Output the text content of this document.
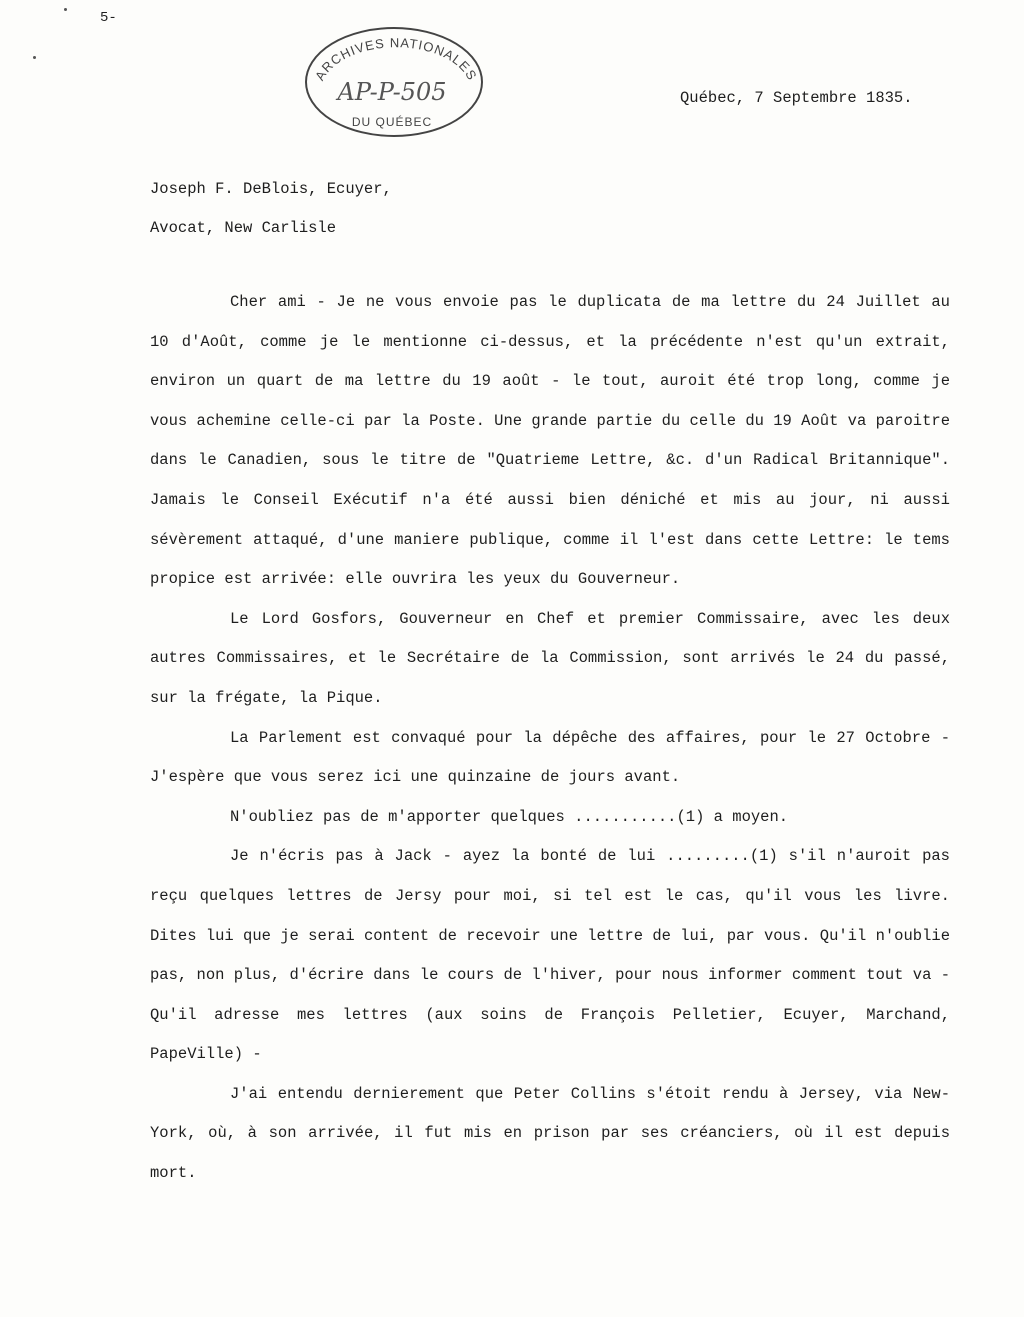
5-
ARCHIVES NATIONALES
AP-P-505
DU QUÉBEC
Québec, 7 Septembre 1835.
Joseph F. DeBlois, Ecuyer,
Avocat, New Carlisle

Cher ami - Je ne vous envoie pas le duplicata de ma lettre du 24 Juillet au 10 d'Août, comme je le mentionne ci-dessus, et la précédente n'est qu'un extrait, environ un quart de ma lettre du 19 août - le tout, auroit été trop long, comme je vous achemine celle-ci par la Poste. Une grande partie du celle du 19 Août va paroitre dans le Canadien, sous le titre de "Quatrieme Lettre, &c. d'un Radical Britannique". Jamais le Conseil Exécutif n'a été aussi bien déniché et mis au jour, ni aussi sévèrement attaqué, d'une maniere publique, comme il l'est dans cette Lettre: le tems propice est arrivée: elle ouvrira les yeux du Gouverneur.

Le Lord Gosfors, Gouverneur en Chef et premier Commissaire, avec les deux autres Commissaires, et le Secrétaire de la Commission, sont arrivés le 24 du passé, sur la frégate, la Pique.

La Parlement est convaqué pour la dépêche des affaires, pour le 27 Octobre - J'espère que vous serez ici une quinzaine de jours avant.

N'oubliez pas de m'apporter quelques ...........(1) a moyen.

Je n'écris pas à Jack - ayez la bonté de lui .........(1) s'il n'auroit pas reçu quelques lettres de Jersy pour moi, si tel est le cas, qu'il vous les livre. Dites lui que je serai content de recevoir une lettre de lui, par vous. Qu'il n'oublie pas, non plus, d'écrire dans le cours de l'hiver, pour nous informer comment tout va - Qu'il adresse mes lettres (aux soins de François Pelletier, Ecuyer, Marchand, PapeVille) -

J'ai entendu dernierement que Peter Collins s'étoit rendu à Jersey, via New-York, où, à son arrivée, il fut mis en prison par ses créanciers, où il est depuis mort.
